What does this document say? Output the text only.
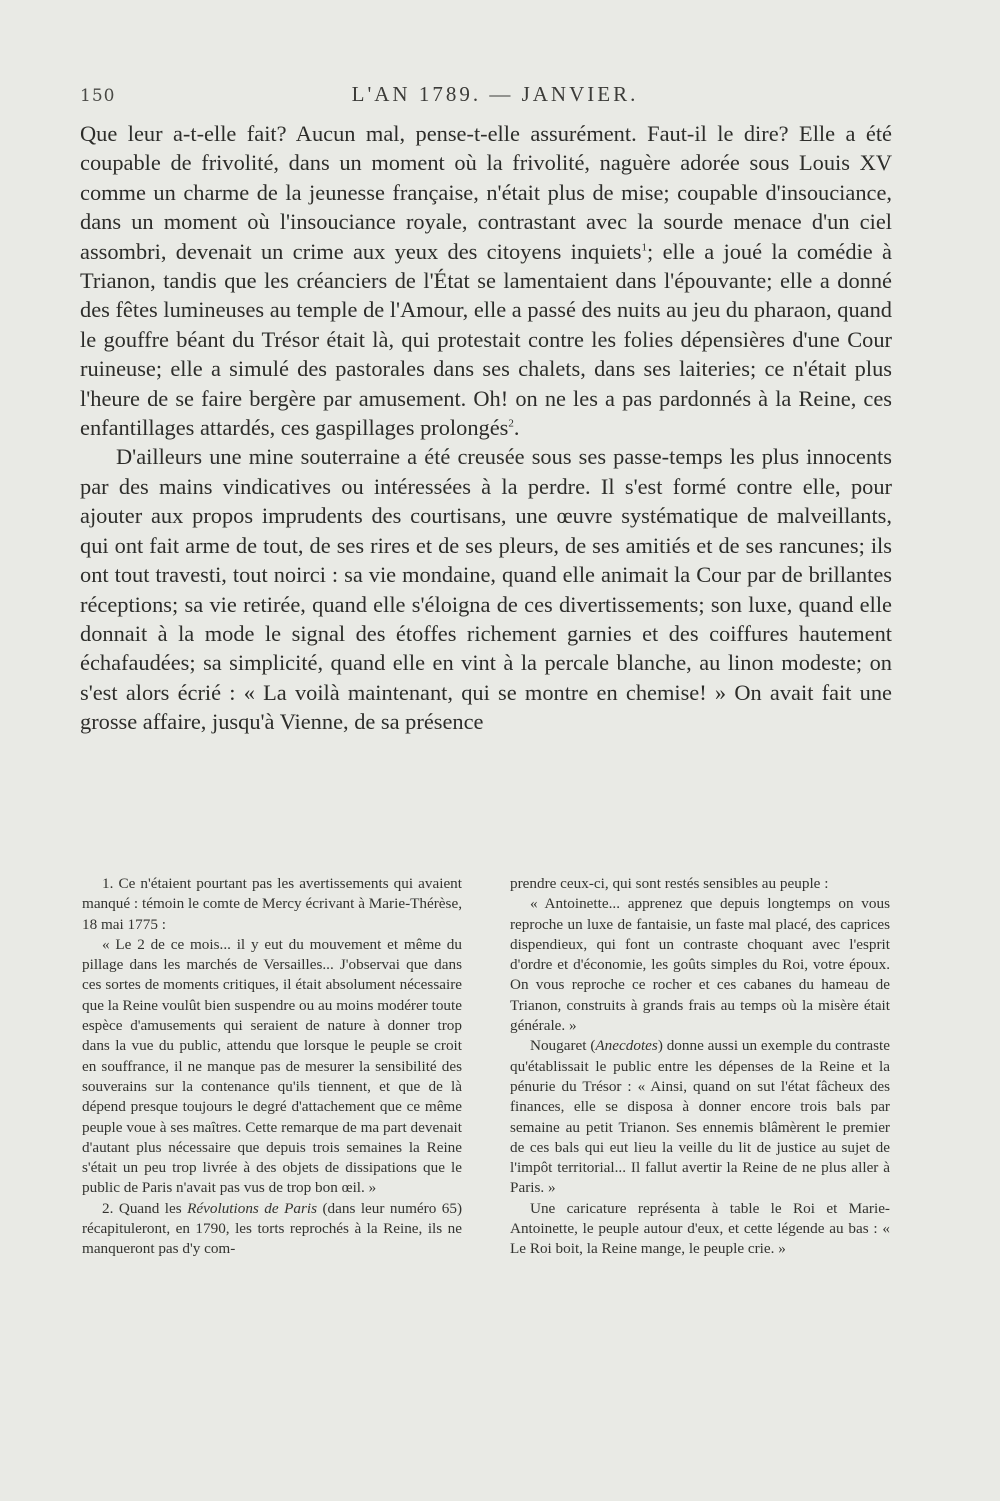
150	L'AN 1789. — JANVIER.

Que leur a-t-elle fait? Aucun mal, pense-t-elle assurément. Faut-il le dire? Elle a été coupable de frivolité, dans un moment où la frivolité, naguère adorée sous Louis XV comme un charme de la jeunesse française, n'était plus de mise; coupable d'insouciance, dans un moment où l'insouciance royale, contrastant avec la sourde menace d'un ciel assombri, devenait un crime aux yeux des citoyens inquiets$^1$; elle a joué la comédie à Trianon, tandis que les créanciers de l'État se lamentaient dans l'épouvante; elle a donné des fêtes lumineuses au temple de l'Amour, elle a passé des nuits au jeu du pharaon, quand le gouffre béant du Trésor était là, qui protestait contre les folies dépensières d'une Cour ruineuse; elle a simulé des pastorales dans ses chalets, dans ses laiteries; ce n'était plus l'heure de se faire bergère par amusement. Oh! on ne les a pas pardonnés à la Reine, ces enfantillages attardés, ces gaspillages prolongés$^2$.

D'ailleurs une mine souterraine a été creusée sous ses passe-temps les plus innocents par des mains vindicatives ou intéressées à la perdre. Il s'est formé contre elle, pour ajouter aux propos imprudents des courtisans, une œuvre systématique de malveillants, qui ont fait arme de tout, de ses rires et de ses pleurs, de ses amitiés et de ses rancunes; ils ont tout travesti, tout noirci : sa vie mondaine, quand elle animait la Cour par de brillantes réceptions; sa vie retirée, quand elle s'éloigna de ces divertissements; son luxe, quand elle donnait à la mode le signal des étoffes richement garnies et des coiffures hautement échafaudées; sa simplicité, quand elle en vint à la percale blanche, au linon modeste; on s'est alors écrié : « La voilà maintenant, qui se montre en chemise! » On avait fait une grosse affaire, jusqu'à Vienne, de sa présence

1. Ce n'étaient pourtant pas les avertissements qui avaient manqué : témoin le comte de Mercy écrivant à Marie-Thérèse, 18 mai 1775 :

« Le 2 de ce mois... il y eut du mouvement et même du pillage dans les marchés de Versailles... J'observai que dans ces sortes de moments critiques, il était absolument nécessaire que la Reine voulût bien suspendre ou au moins modérer toute espèce d'amusements qui seraient de nature à donner trop dans la vue du public, attendu que lorsque le peuple se croit en souffrance, il ne manque pas de mesurer la sensibilité des souverains sur la contenance qu'ils tiennent, et que de là dépend presque toujours le degré d'attachement que ce même peuple voue à ses maîtres. Cette remarque de ma part devenait d'autant plus nécessaire que depuis trois semaines la Reine s'était un peu trop livrée à des objets de dissipations que le public de Paris n'avait pas vus de trop bon œil. »

2. Quand les Révolutions de Paris (dans leur numéro 65) récapituleront, en 1790, les torts reprochés à la Reine, ils ne manqueront pas d'y com-

prendre ceux-ci, qui sont restés sensibles au peuple :

« Antoinette... apprenez que depuis longtemps on vous reproche un luxe de fantaisie, un faste mal placé, des caprices dispendieux, qui font un contraste choquant avec l'esprit d'ordre et d'économie, les goûts simples du Roi, votre époux. On vous reproche ce rocher et ces cabanes du hameau de Trianon, construits à grands frais au temps où la misère était générale. »

Nougaret (Anecdotes) donne aussi un exemple du contraste qu'établissait le public entre les dépenses de la Reine et la pénurie du Trésor : « Ainsi, quand on sut l'état fâcheux des finances, elle se disposa à donner encore trois bals par semaine au petit Trianon. Ses ennemis blâmèrent le premier de ces bals qui eut lieu la veille du lit de justice au sujet de l'impôt territorial... Il fallut avertir la Reine de ne plus aller à Paris. »

Une caricature représenta à table le Roi et Marie-Antoinette, le peuple autour d'eux, et cette légende au bas : « Le Roi boit, la Reine mange, le peuple crie. »
